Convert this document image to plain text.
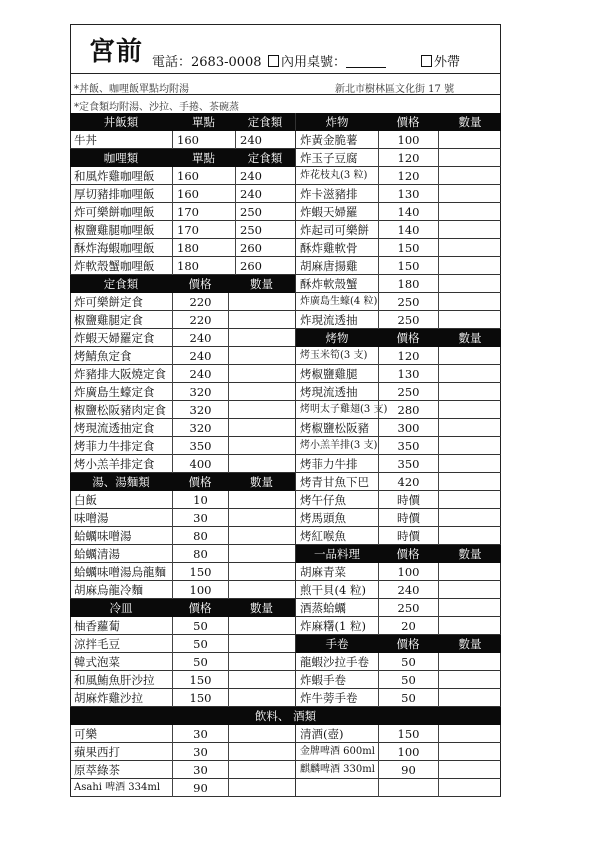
宮前 電話：2683-0008	內用桌號：	外帶
*丼飯、咖哩飯單點均附湯	新北市樹林區文化街 17 號
*定食類均附湯、沙拉、手捲、茶碗蒸
丼飯類	單點	定食類
牛丼	160	240
咖哩類	單點	定食類
和風炸雞咖哩飯	160	240
厚切豬排咖哩飯	160	240
炸可樂餅咖哩飯	170	250
椒鹽雞腿咖哩飯	170	250
酥炸海蝦咖哩飯	180	260
炸軟殼蟹咖哩飯	180	260
定食類	價格	數量
炸可樂餅定食	220
椒鹽雞腿定食	220
炸蝦天婦羅定食	240
烤鯖魚定食	240
炸豬排大阪燒定食	240
炸廣島生蠔定食	320
椒鹽松阪豬肉定食	320
烤現流透抽定食	320
烤菲力牛排定食	350
烤小羔羊排定食	400
湯、湯麵類	價格	數量
白飯	10
味噌湯	30
蛤蠣味噌湯	80
蛤蠣清湯	80
蛤蠣味噌湯烏龍麵	150
胡麻烏龍冷麵	100
冷皿	價格	數量
柚香蘿蔔	50
涼拌毛豆	50
韓式泡菜	50
和風鮪魚肝沙拉	150
胡麻炸雞沙拉	150
炸物	價格	數量
炸黃金脆薯	100
炸玉子豆腐	120
炸花枝丸(3 粒)	120
炸卡滋豬排	130
炸蝦天婦羅	140
炸起司可樂餅	140
酥炸雞軟骨	150
胡麻唐揚雞	150
酥炸軟殼蟹	180
炸廣島生蠔(4 粒)	250
炸現流透抽	250
烤物	價格	數量
烤玉米筍(3 支)	120
烤椒鹽雞腿	130
烤現流透抽	250
烤明太子雞翅(3 支) 280
烤椒鹽松阪豬	300
烤小羔羊排(3 支)	350
烤菲力牛排	350
烤青甘魚下巴	420
烤午仔魚	時價
烤馬頭魚	時價
烤紅喉魚	時價
一品料理	價格	數量
胡麻青菜	100
煎干貝(4 粒)	240
酒蒸蛤蠣	250
炸麻糬(1 粒)	20
手卷	價格	數量
龍蝦沙拉手卷	50
炸蝦手卷	50
炸牛蒡手卷	50
飲料、 酒類
可樂	30	清酒(壺)	150
蘋果西打	30	金牌啤酒 600ml	100
原萃綠茶	30	麒麟啤酒 330ml	90
Asahi 啤酒 334ml	90
